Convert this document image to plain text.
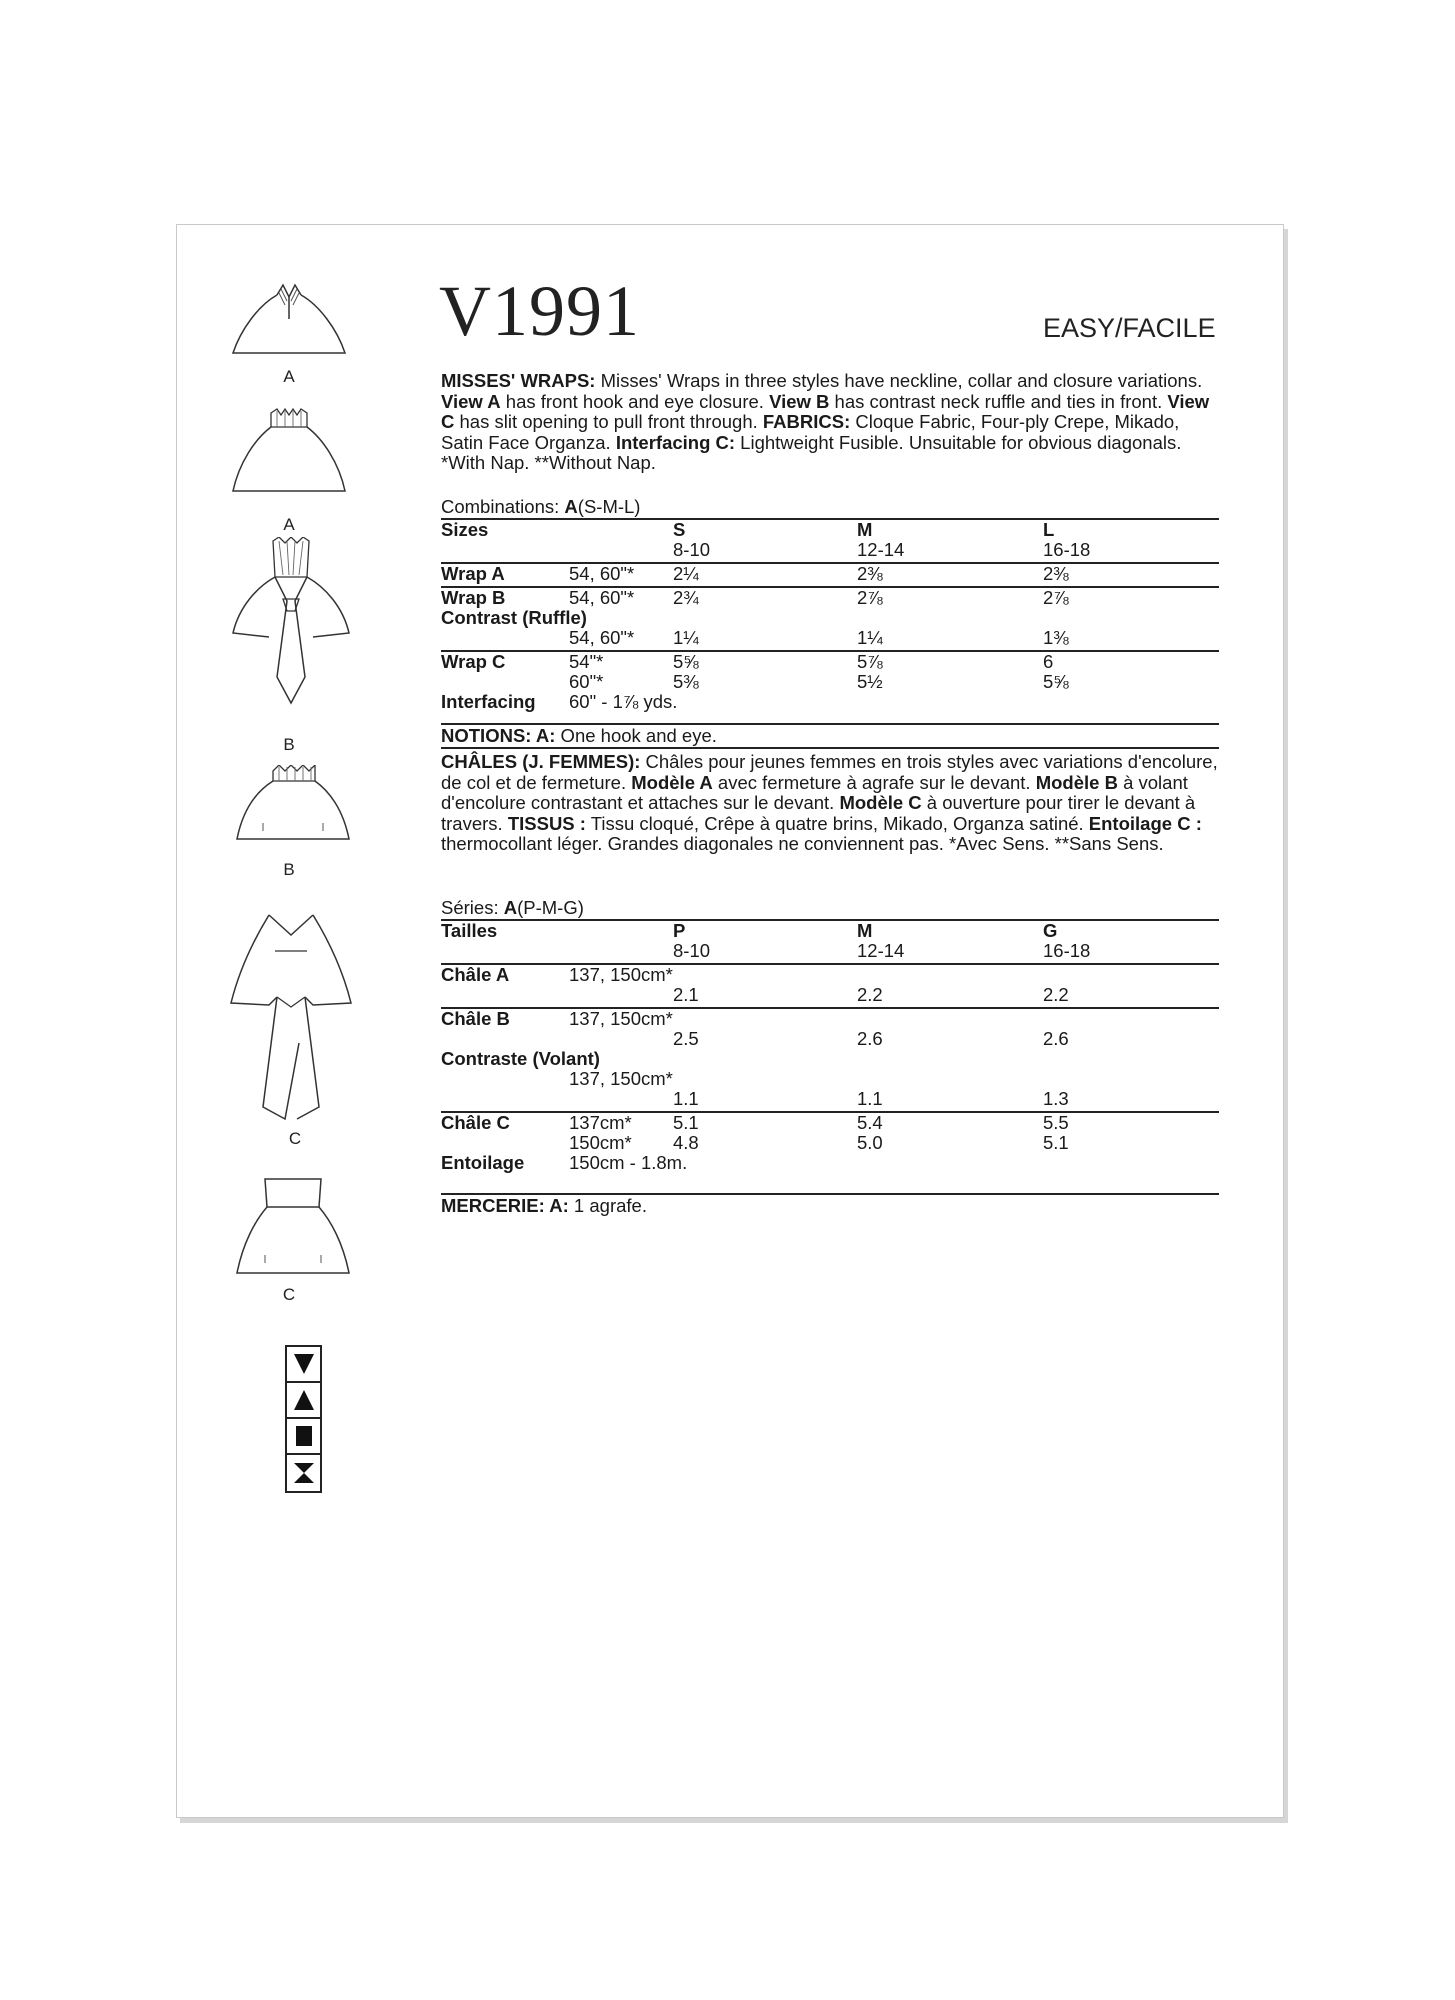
A
A
B
B
C
C
V1991	EASY/FACILE

MISSES' WRAPS: Misses' Wraps in three styles have neckline, collar and closure variations. View A has front hook and eye closure. View B has contrast neck ruffle and ties in front. View C has slit opening to pull front through. FABRICS: Cloque Fabric, Four-ply Crepe, Mikado, Satin Face Organza. Interfacing C: Lightweight Fusible. Unsuitable for obvious diagonals. *With Nap. **Without Nap.

Combinations: A(S-M-L)
Sizes		S	M	L
		8-10	12-14	16-18
Wrap A	54, 60"*	2¼	2⅜	2⅜
Wrap B	54, 60"*	2¾	2⅞	2⅞
Contrast (Ruffle)				
	54, 60"*	1¼	1¼	1⅜
Wrap C	54"*	5⅝	5⅞	6
	60"*	5⅜	5½	5⅝
Interfacing	60" - 1⅞ yds.			
NOTIONS: A: One hook and eye.

CHÂLES (J. FEMMES): Châles pour jeunes femmes en trois styles avec variations d'encolure, de col et de fermeture. Modèle A avec fermeture à agrafe sur le devant. Modèle B à volant d'encolure contrastant et attaches sur le devant. Modèle C à ouverture pour tirer le devant à travers. TISSUS : Tissu cloqué, Crêpe à quatre brins, Mikado, Organza satiné. Entoilage C : thermocollant léger. Grandes diagonales ne conviennent pas. *Avec Sens. **Sans Sens.

Séries: A(P-M-G)
Tailles		P	M	G
		8-10	12-14	16-18
Châle A	137, 150cm*			
		2.1	2.2	2.2
Châle B	137, 150cm*			
		2.5	2.6	2.6
Contraste (Volant)				
	137, 150cm*			
		1.1	1.1	1.3
Châle C	137cm*	5.1	5.4	5.5
	150cm*	4.8	5.0	5.1
Entoilage	150cm - 1.8m.			
MERCERIE: A: 1 agrafe.
